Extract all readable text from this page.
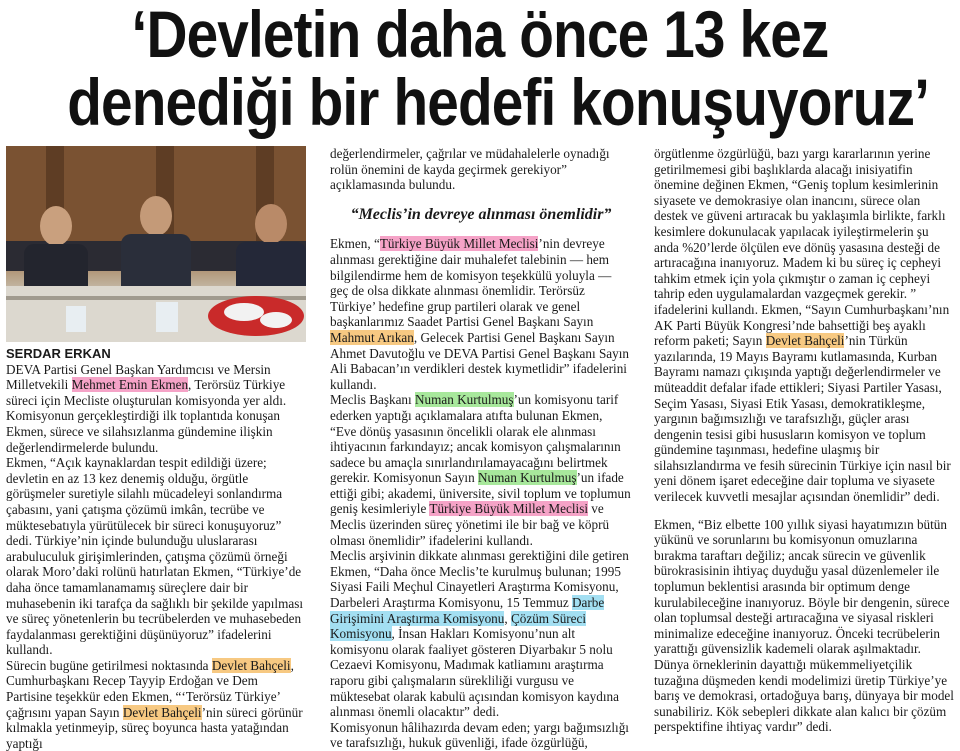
‘Devletin daha önce 13 kez
denediği bir hedefi konuşuyoruz’

SERDAR ERKAN

DEVA Partisi Genel Başkan Yardımcısı ve Mersin Milletvekili Mehmet Emin Ekmen, Terörsüz Türkiye süreci için Mecliste oluşturulan komisyonda yer aldı. Komisyonun gerçekleştirdiği ilk toplantıda konuşan Ekmen, sürece ve silahsızlanma gündemine ilişkin değerlendirmelerde bulundu.

Ekmen, “Açık kaynaklardan tespit edildiği üzere; devletin en az 13 kez denemiş olduğu, örgütle görüşmeler suretiyle silahlı mücadeleyi sonlandırma çabasını, yani çatışma çözümü imkân, tecrübe ve müktesebatıyla yürütülecek bir süreci konuşuyoruz” dedi. Türkiye’nin içinde bulunduğu uluslararası arabuluculuk girişimlerinden, çatışma çözümü örneği olarak Moro’daki rolünü hatırlatan Ekmen, “Türkiye’de daha önce tamamlanamamış süreçlere dair bir muhasebenin iki tarafça da sağlıklı bir şekilde yapılması ve süreç yönetenlerin bu tecrübelerden ve muhasebeden faydalanması gerektiğini düşünüyoruz” ifadelerini kullandı.

Sürecin bugüne getirilmesi noktasında Devlet Bahçeli, Cumhurbaşkanı Recep Tayyip Erdoğan ve Dem Partisine teşekkür eden Ekmen, “‘Terörsüz Türkiye’ çağrısını yapan Sayın Devlet Bahçeli’nin süreci görünür kılmakla yetinmeyip, süreç boyunca hasta yatağından yaptığı

değerlendirmeler, çağrılar ve müdahalelerle oynadığı rolün önemini de kayda geçirmek gerekiyor” açıklamasında bulundu.

“Meclis’in devreye alınması önemlidir”

Ekmen, “Türkiye Büyük Millet Meclisi’nin devreye alınması gerektiğine dair muhalefet talebinin — hem bilgilendirme hem de komisyon teşekkülü yoluyla — geç de olsa dikkate alınması önemlidir. Terörsüz Türkiye’ hedefine grup partileri olarak ve genel başkanlarımız Saadet Partisi Genel Başkanı Sayın Mahmut Arıkan, Gelecek Partisi Genel Başkanı Sayın Ahmet Davutoğlu ve DEVA Partisi Genel Başkanı Sayın Ali Babacan’ın verdikleri destek kıymetlidir” ifadelerini kullandı.

Meclis Başkanı Numan Kurtulmuş’un komisyonu tarif ederken yaptığı açıklamalara atıfta bulunan Ekmen, “Eve dönüş yasasının öncelikli olarak ele alınması ihtiyacının farkındayız; ancak komisyon çalışmalarının sadece bu amaçla sınırlandırılamayacağını belirtmek gerekir. Komisyonun Sayın Numan Kurtulmuş’un ifade ettiği gibi; akademi, üniversite, sivil toplum ve toplumun geniş kesimleriyle Türkiye Büyük Millet Meclisi ve Meclis üzerinden süreç yönetimi ile bir bağ ve köprü olması önemlidir” ifadelerini kullandı.

Meclis arşivinin dikkate alınması gerektiğini dile getiren Ekmen, “Daha önce Meclis’te kurulmuş bulunan; 1995 Siyasi Faili Meçhul Cinayetleri Araştırma Komisyonu, Darbeleri Araştırma Komisyonu, 15 Temmuz Darbe Girişimini Araştırma Komisyonu, Çözüm Süreci Komisyonu, İnsan Hakları Komisyonu’nun alt komisyonu olarak faaliyet gösteren Diyarbakır 5 nolu Cezaevi Komisyonu, Madımak katliamını araştırma raporu gibi çalışmaların sürekliliği vurgusu ve müktesebat olarak kabulü açısından komisyon kaydına alınması önemli olacaktır” dedi.

Komisyonun hâlihazırda devam eden; yargı bağımsızlığı ve tarafsızlığı, hukuk güvenliği, ifade özgürlüğü,

örgütlenme özgürlüğü, bazı yargı kararlarının yerine getirilmemesi gibi başlıklarda alacağı inisiyatifin önemine değinen Ekmen, “Geniş toplum kesimlerinin siyasete ve demokrasiye olan inancını, sürece olan destek ve güveni artıracak bu yaklaşımla birlikte, farklı kesimlere dokunulacak yapılacak iyileştirmelerin şu anda %20’lerde ölçülen eve dönüş yasasına desteği de artıracağına inanıyoruz. Madem ki bu süreç iç cepheyi tahkim etmek için yola çıkmıştır o zaman iç cepheyi tahrip eden uygulamalardan vazgeçmek gerekir. ” ifadelerini kullandı. Ekmen, “Sayın Cumhurbaşkanı’nın AK Parti Büyük Kongresi’nde bahsettiği beş ayaklı reform paketi; Sayın Devlet Bahçeli’nin Türkün yazılarında, 19 Mayıs Bayramı kutlamasında, Kurban Bayramı namazı çıkışında yaptığı değerlendirmeler ve müteaddit defalar ifade ettikleri; Siyasi Partiler Yasası, Seçim Yasası, Siyasi Etik Yasası, demokratikleşme, yargının bağımsızlığı ve tarafsızlığı, güçler arası dengenin tesisi gibi hususların komisyon ve toplum gündemine taşınması, hedefine ulaşmış bir silahsızlandırma ve fesih sürecinin Türkiye için nasıl bir yeni dönem işaret edeceğine dair topluma ve siyasete verilecek kuvvetli mesajlar açısından önemlidir” dedi.

Ekmen, “Biz elbette 100 yıllık siyasi hayatımızın bütün yükünü ve sorunlarını bu komisyonun omuzlarına bırakma taraftarı değiliz; ancak sürecin ve güvenlik bürokrasisinin ihtiyaç duyduğu yasal düzenlemeler ile toplumun beklentisi arasında bir optimum denge kurulabileceğine inanıyoruz. Böyle bir dengenin, sürece olan toplumsal desteği artıracağına ve siyasal riskleri minimalize edeceğine inanıyoruz. Önceki tecrübelerin yarattığı güvensizlik kademeli olarak aşılmaktadır. Dünya örneklerinin dayattığı mükemmeliyetçilik tuzağına düşmeden kendi modelimizi üretip Türkiye’ye barış ve demokrasi, ortadoğuya barış, dünyaya bir model sunabiliriz. Kök sebepleri dikkate alan kalıcı bir çözüm perspektifine ihtiyaç vardır” dedi.
